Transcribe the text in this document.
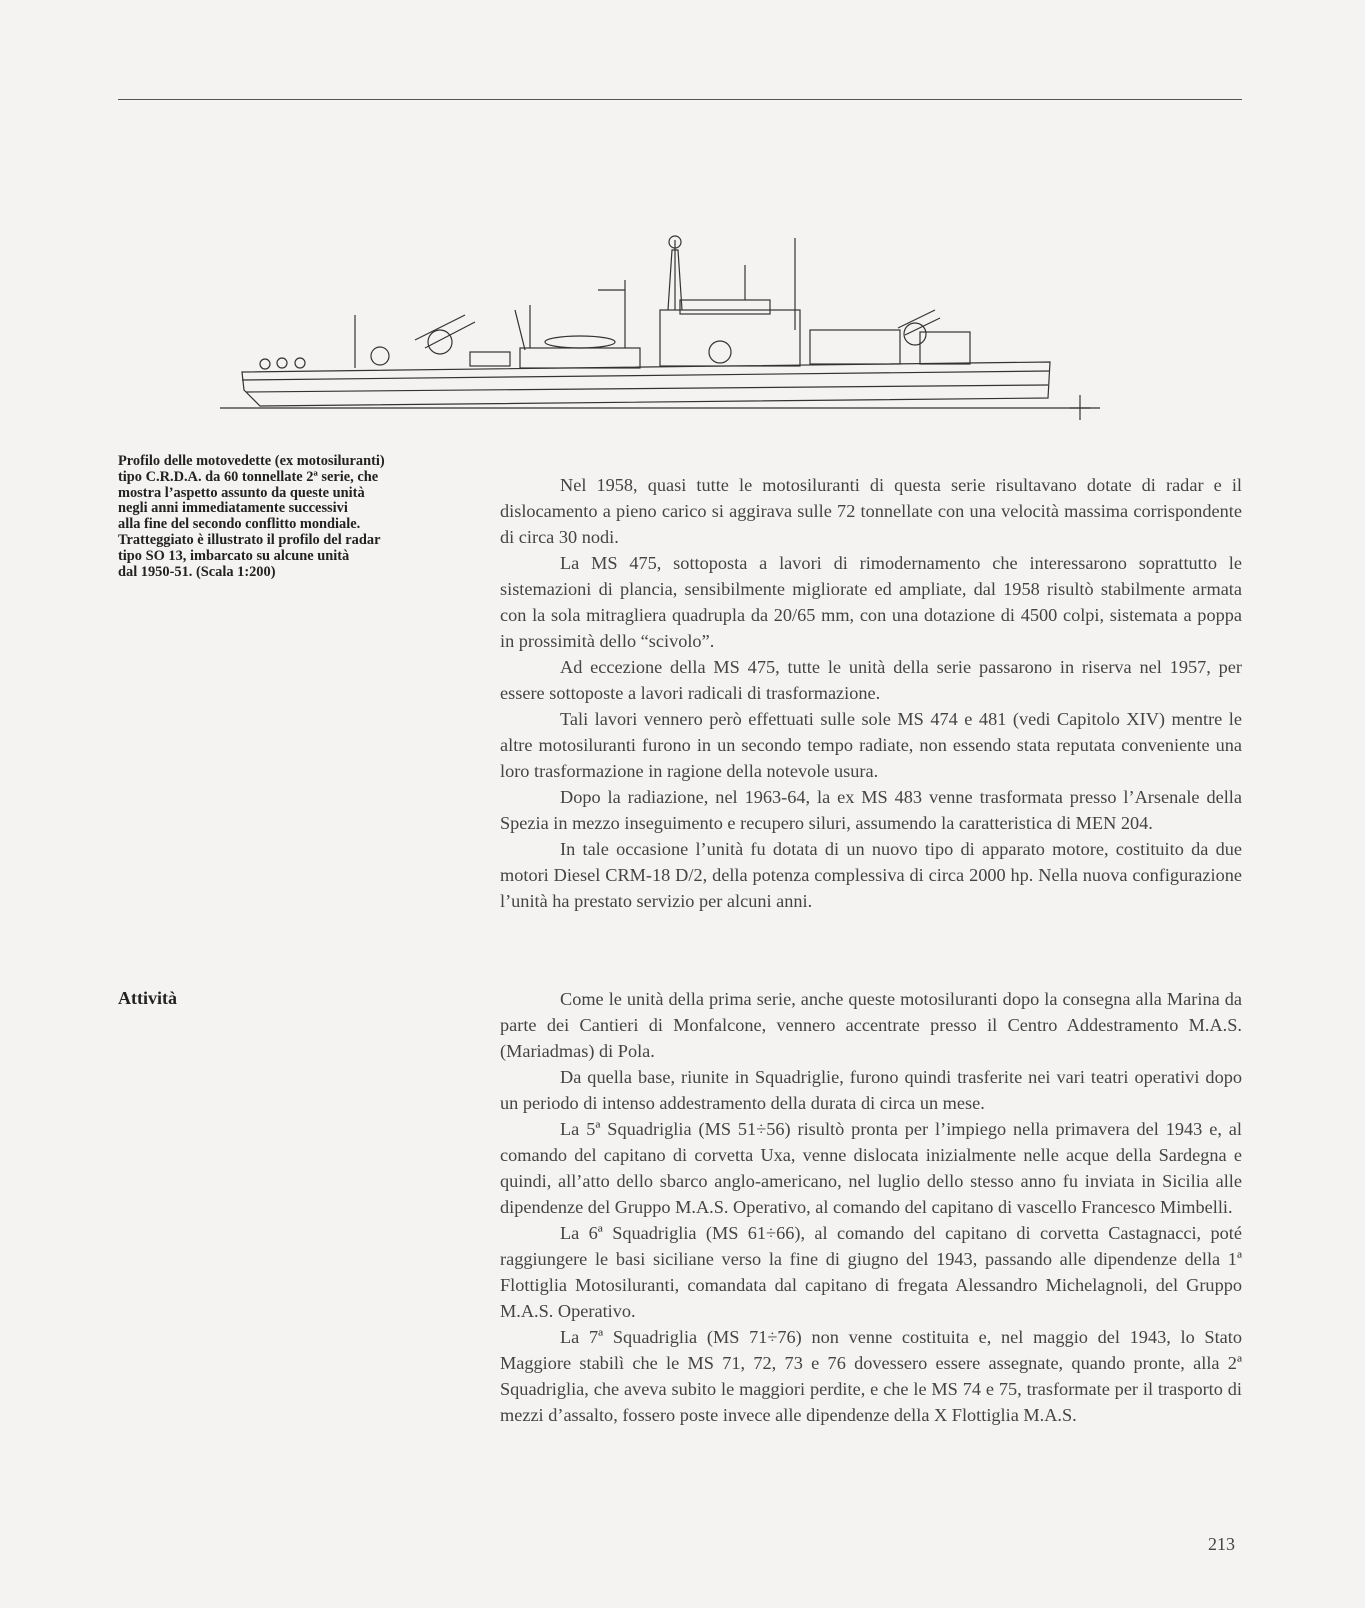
Profilo delle motovedette (ex motosiluranti)

tipo C.R.D.A. da 60 tonnellate 2ª serie, che

mostra l’aspetto assunto da queste unità

negli anni immediatamente successivi

alla fine del secondo conflitto mondiale.

Tratteggiato è illustrato il profilo del radar

tipo SO 13, imbarcato su alcune unità

dal 1950-51. (Scala 1:200)

Nel 1958, quasi tutte le motosiluranti di questa serie risultavano dotate di radar e il dislocamento a pieno carico si aggirava sulle 72 tonnellate con una velocità massima corrispondente di circa 30 nodi.

La MS 475, sottoposta a lavori di rimodernamento che interessarono soprattutto le sistemazioni di plancia, sensibilmente migliorate ed ampliate, dal 1958 risultò stabilmente armata con la sola mitragliera quadrupla da 20/65 mm, con una dotazione di 4500 colpi, sistemata a poppa in prossimità dello “scivolo”.

Ad eccezione della MS 475, tutte le unità della serie passarono in riserva nel 1957, per essere sottoposte a lavori radicali di trasformazione.

Tali lavori vennero però effettuati sulle sole MS 474 e 481 (vedi Capitolo XIV) mentre le altre motosiluranti furono in un secondo tempo radiate, non essendo stata reputata conveniente una loro trasformazione in ragione della notevole usura.

Dopo la radiazione, nel 1963-64, la ex MS 483 venne trasformata presso l’Arsenale della Spezia in mezzo inseguimento e recupero siluri, assumendo la caratteristica di MEN 204.

In tale occasione l’unità fu dotata di un nuovo tipo di apparato motore, costituito da due motori Diesel CRM-18 D/2, della potenza complessiva di circa 2000 hp. Nella nuova configurazione l’unità ha prestato servizio per alcuni anni.

Attività	Come le unità della prima serie, anche queste motosiluranti dopo la consegna alla Marina da parte dei Cantieri di Monfalcone, vennero accentrate presso il Centro Addestramento M.A.S. (Mariadmas) di Pola.

Da quella base, riunite in Squadriglie, furono quindi trasferite nei vari teatri operativi dopo un periodo di intenso addestramento della durata di circa un mese.

La 5ª Squadriglia (MS 51÷56) risultò pronta per l’impiego nella primavera del 1943 e, al comando del capitano di corvetta Uxa, venne dislocata inizialmente nelle acque della Sardegna e quindi, all’atto dello sbarco anglo-americano, nel luglio dello stesso anno fu inviata in Sicilia alle dipendenze del Gruppo M.A.S. Operativo, al comando del capitano di vascello Francesco Mimbelli.

La 6ª Squadriglia (MS 61÷66), al comando del capitano di corvetta Castagnacci, poté raggiungere le basi siciliane verso la fine di giugno del 1943, passando alle dipendenze della 1ª Flottiglia Motosiluranti, comandata dal capitano di fregata Alessandro Michelagnoli, del Gruppo M.A.S. Operativo.

La 7ª Squadriglia (MS 71÷76) non venne costituita e, nel maggio del 1943, lo Stato Maggiore stabilì che le MS 71, 72, 73 e 76 dovessero essere assegnate, quando pronte, alla 2ª Squadriglia, che aveva subito le maggiori perdite, e che le MS 74 e 75, trasformate per il trasporto di mezzi d’assalto, fossero poste invece alle dipendenze della X Flottiglia M.A.S.

213
